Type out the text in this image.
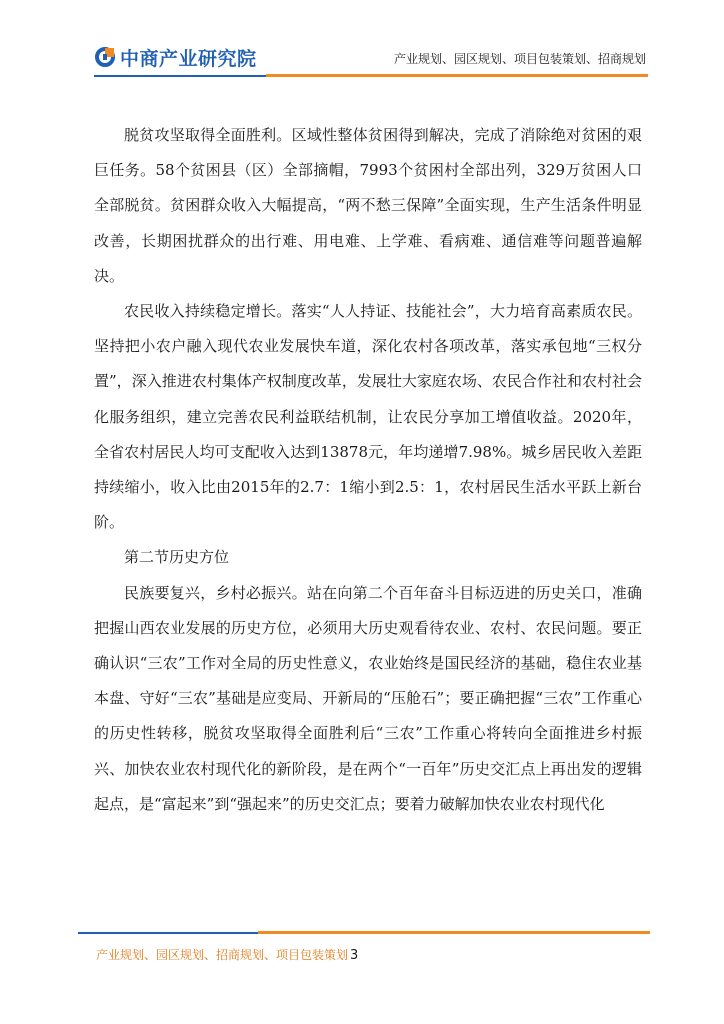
中商产业研究院	产业规划、园区规划、项目包装策划、招商规划

脱贫攻坚取得全面胜利。区域性整体贫困得到解决，完成了消除绝对贫困的艰巨任务。58个贫困县（区）全部摘帽，7993个贫困村全部出列，329万贫困人口全部脱贫。贫困群众收入大幅提高，“两不愁三保障”全面实现，生产生活条件明显改善，长期困扰群众的出行难、用电难、上学难、看病难、通信难等问题普遍解决。

农民收入持续稳定增长。落实“人人持证、技能社会”，大力培育高素质农民。坚持把小农户融入现代农业发展快车道，深化农村各项改革，落实承包地“三权分置”，深入推进农村集体产权制度改革，发展壮大家庭农场、农民合作社和农村社会化服务组织，建立完善农民利益联结机制，让农民分享加工增值收益。2020年，全省农村居民人均可支配收入达到13878元，年均递增7.98%。城乡居民收入差距持续缩小，收入比由2015年的2.7：1缩小到2.5：1，农村居民生活水平跃上新台阶。

第二节历史方位

民族要复兴，乡村必振兴。站在向第二个百年奋斗目标迈进的历史关口，准确把握山西农业发展的历史方位，必须用大历史观看待农业、农村、农民问题。要正确认识“三农”工作对全局的历史性意义，农业始终是国民经济的基础，稳住农业基本盘、守好“三农”基础是应变局、开新局的“压舱石”；要正确把握“三农”工作重心的历史性转移，脱贫攻坚取得全面胜利后“三农”工作重心将转向全面推进乡村振兴、加快农业农村现代化的新阶段，是在两个“一百年”历史交汇点上再出发的逻辑起点，是“富起来”到“强起来”的历史交汇点；要着力破解加快农业农村现代化

产业规划、园区规划、招商规划、项目包装策划 3
